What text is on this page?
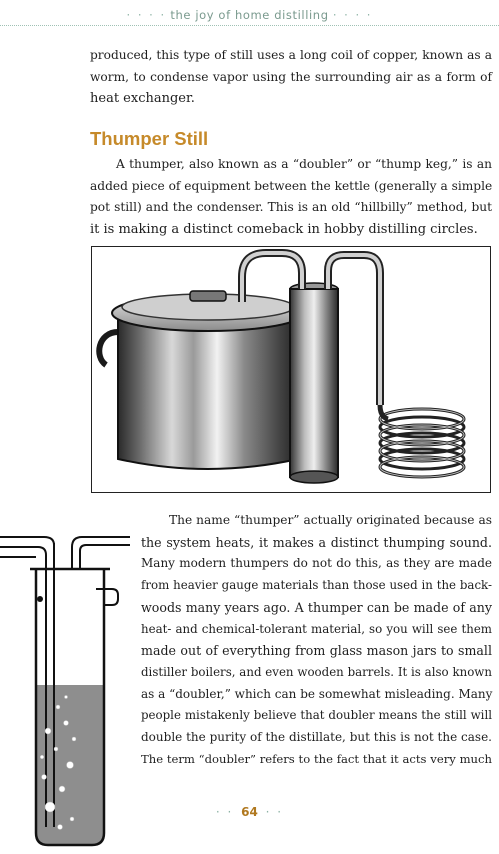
· · · · the joy of home distilling · · · ·

produced, this type of still uses a long coil of copper, known as a
worm, to condense vapor using the surrounding air as a form of
heat exchanger.

Thumper Still

A thumper, also known as a “doubler” or “thump keg,” is an
added piece of equipment between the kettle (generally a simple
pot still) and the condenser. This is an old “hillbilly” method, but
it is making a distinct comeback in hobby distilling circles.

The name “thumper” actually originated because as
the system heats, it makes a distinct thumping sound.
Many modern thumpers do not do this, as they are made
from heavier gauge materials than those used in the back-
woods many years ago. A thumper can be made of any
heat- and chemical-tolerant material, so you will see them
made out of everything from glass mason jars to small
distiller boilers, and even wooden barrels. It is also known
as a “doubler,” which can be somewhat misleading. Many
people mistakenly believe that doubler means the still will
double the purity of the distillate, but this is not the case.
The term “doubler” refers to the fact that it acts very much

· · 64 · ·
